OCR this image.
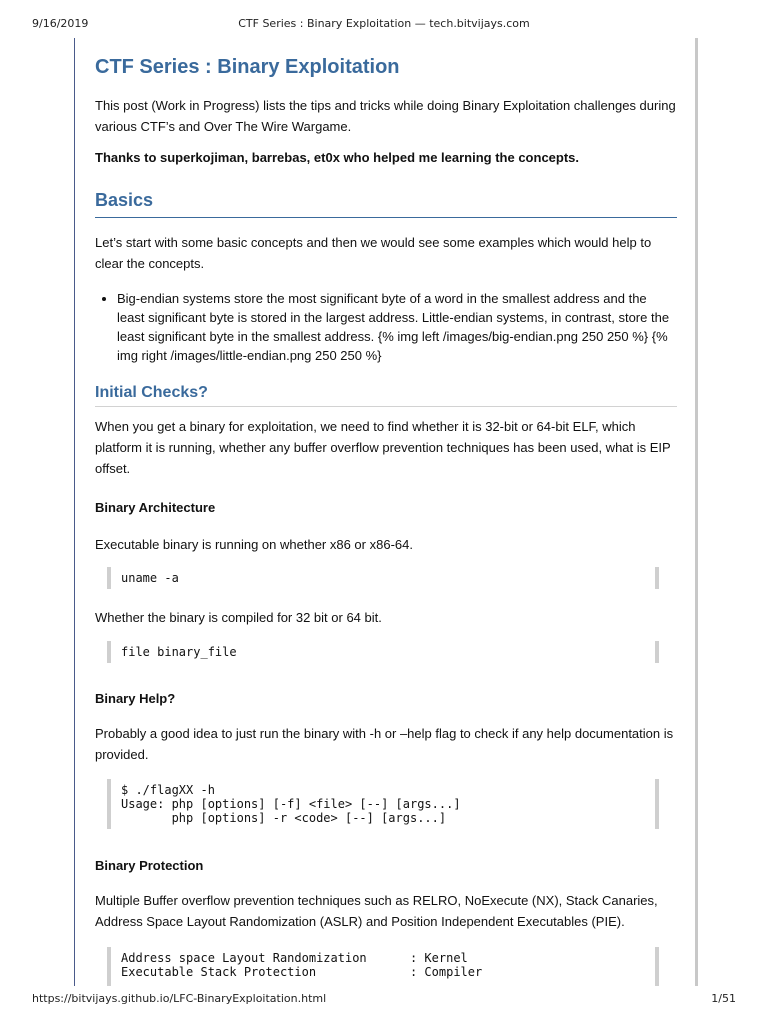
9/16/2019	CTF Series : Binary Exploitation — tech.bitvijays.com
CTF Series : Binary Exploitation

This post (Work in Progress) lists the tips and tricks while doing Binary Exploitation challenges during various CTF’s and Over The Wire Wargame.

Thanks to superkojiman, barrebas, et0x who helped me learning the concepts.

Basics

Let’s start with some basic concepts and then we would see some examples which would help to clear the concepts.

• Big-endian systems store the most significant byte of a word in the smallest address and the least significant byte is stored in the largest address. Little-endian systems, in contrast, store the least significant byte in the smallest address. {% img left /images/big-endian.png 250 250 %} {% img right /images/little-endian.png 250 250 %}
Initial Checks?

When you get a binary for exploitation, we need to find whether it is 32-bit or 64-bit ELF, which platform it is running, whether any buffer overflow prevention techniques has been used, what is EIP offset.

Binary Architecture

Executable binary is running on whether x86 or x86-64.

uname -a

Whether the binary is compiled for 32 bit or 64 bit.

file binary_file

Binary Help?

Probably a good idea to just run the binary with -h or –help flag to check if any help documentation is provided.

$ ./flagXX -h
Usage: php [options] [-f] <file> [--] [args...]
php [options] -r <code> [--] [args...]

Binary Protection

Multiple Buffer overflow prevention techniques such as RELRO, NoExecute (NX), Stack Canaries, Address Space Layout Randomization (ASLR) and Position Independent Executables (PIE).

Address space Layout Randomization      : Kernel
Executable Stack Protection             : Compiler
https://bitvijays.github.io/LFC-BinaryExploitation.html	1/51
